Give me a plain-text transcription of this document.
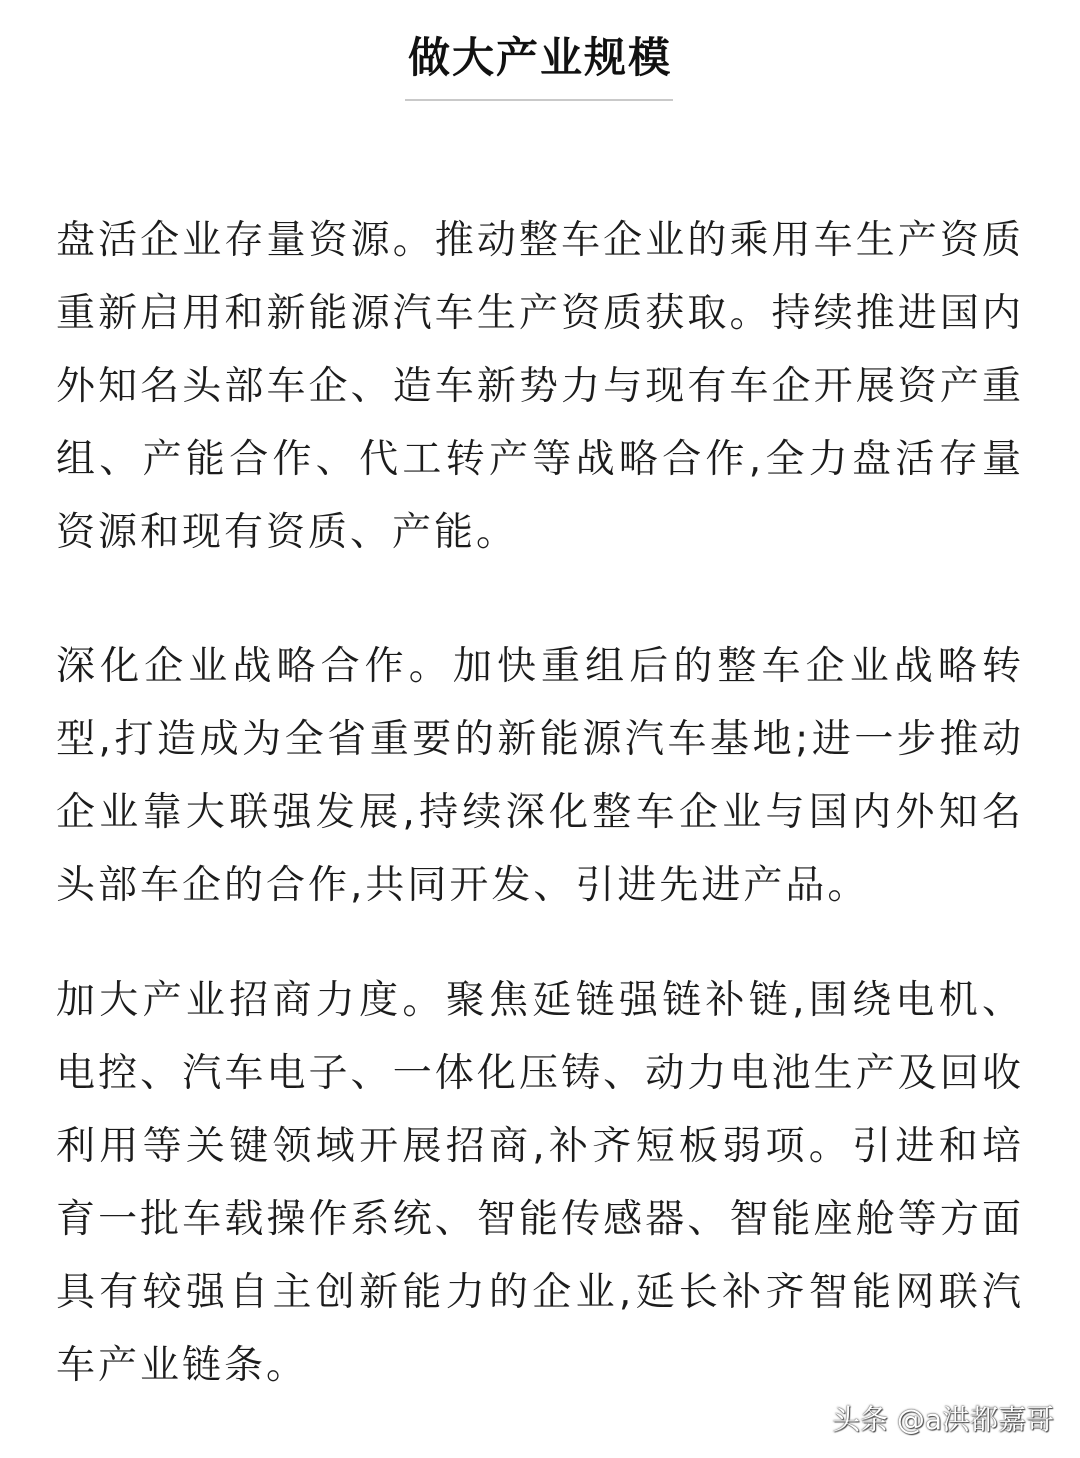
做大产业规模

盘活企业存量资源。推动整车企业的乘用车生产资质重新启用和新能源汽车生产资质获取。持续推进国内外知名头部车企、造车新势力与现有车企开展资产重组、产能合作、代工转产等战略合作,全力盘活存量资源和现有资质、产能。

深化企业战略合作。加快重组后的整车企业战略转型,打造成为全省重要的新能源汽车基地;进一步推动企业靠大联强发展,持续深化整车企业与国内外知名头部车企的合作,共同开发、引进先进产品。

加大产业招商力度。聚焦延链强链补链,围绕电机、电控、汽车电子、一体化压铸、动力电池生产及回收利用等关键领域开展招商,补齐短板弱项。引进和培育一批车载操作系统、智能传感器、智能座舱等方面具有较强自主创新能力的企业,延长补齐智能网联汽车产业链条。

头条 @a洪都嘉哥
